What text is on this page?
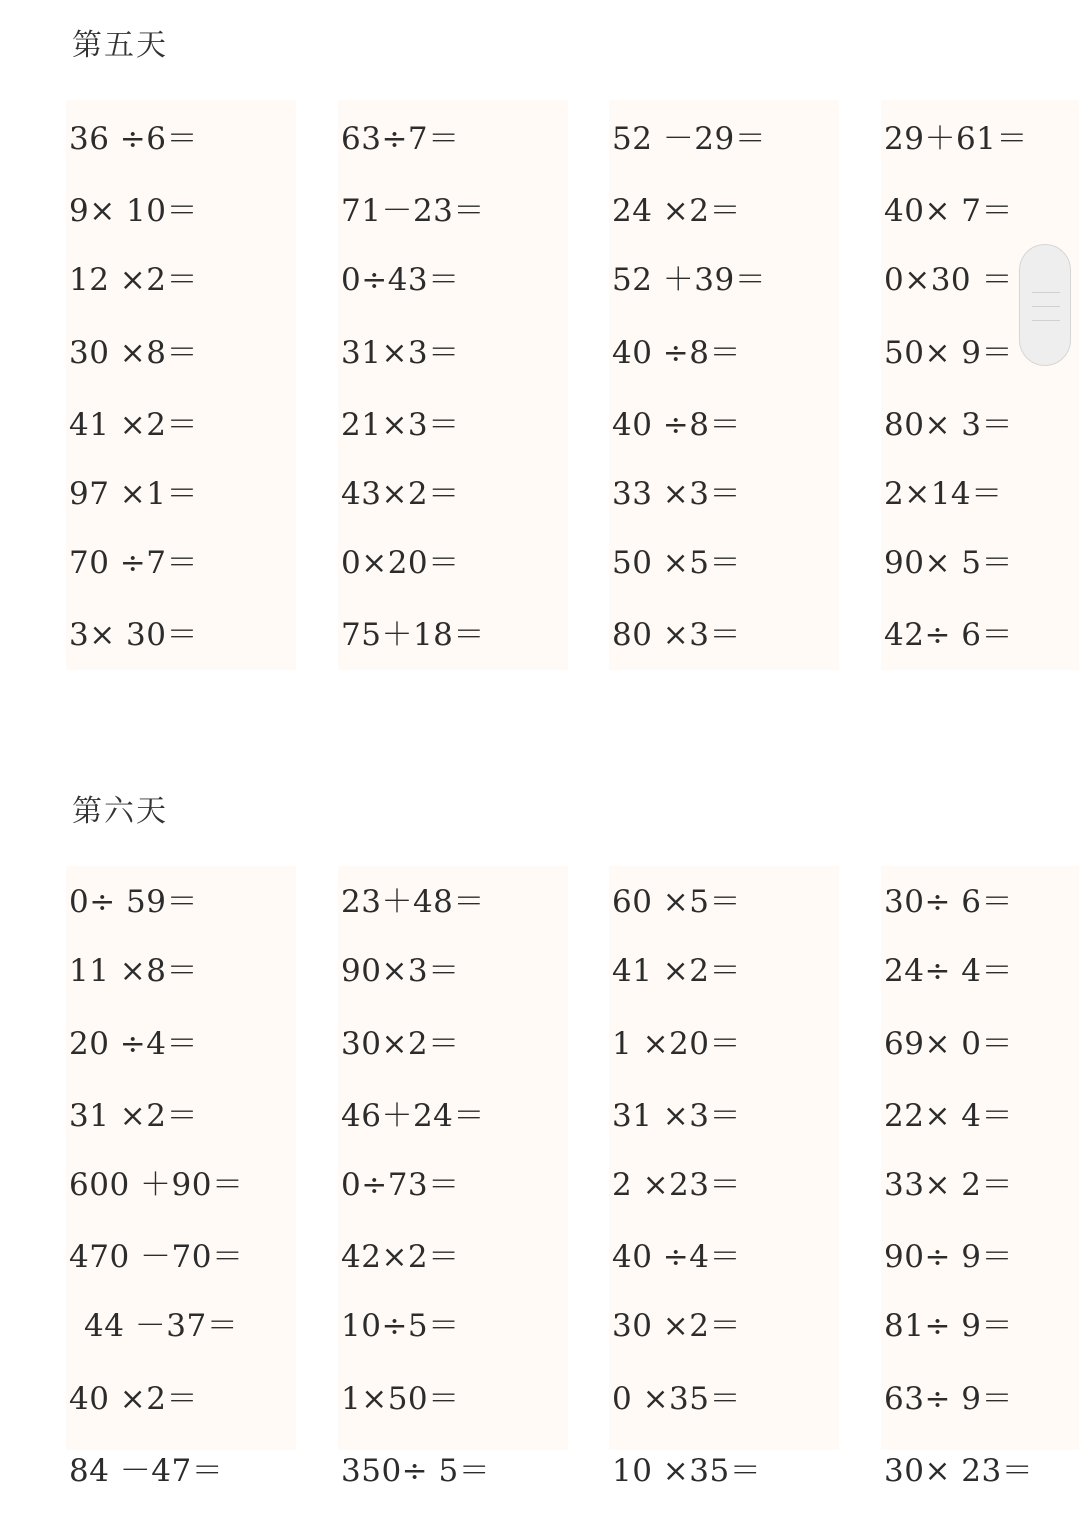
第五天
第六天
36 ÷6＝
9× 10＝
12 ×2＝
30 ×8＝
41 ×2＝
97 ×1＝
70 ÷7＝
3× 30＝
63÷7＝
71－23＝
0÷43＝
31×3＝
21×3＝
43×2＝
0×20＝
75＋18＝
52 －29＝
24 ×2＝
52 ＋39＝
40 ÷8＝
40 ÷8＝
33 ×3＝
50 ×5＝
80 ×3＝
29＋61＝
40× 7＝
0×30 ＝
50× 9＝
80× 3＝
2×14＝
90× 5＝
42÷ 6＝
0÷ 59＝
11 ×8＝
20 ÷4＝
31 ×2＝
600 ＋90＝
470 －70＝
44 －37＝
40 ×2＝
84 －47＝
23＋48＝
90×3＝
30×2＝
46＋24＝
0÷73＝
42×2＝
10÷5＝
1×50＝
350÷ 5＝
60 ×5＝
41 ×2＝
1 ×20＝
31 ×3＝
2 ×23＝
40 ÷4＝
30 ×2＝
0 ×35＝
10 ×35＝
30÷ 6＝
24÷ 4＝
69× 0＝
22× 4＝
33× 2＝
90÷ 9＝
81÷ 9＝
63÷ 9＝
30× 23＝
